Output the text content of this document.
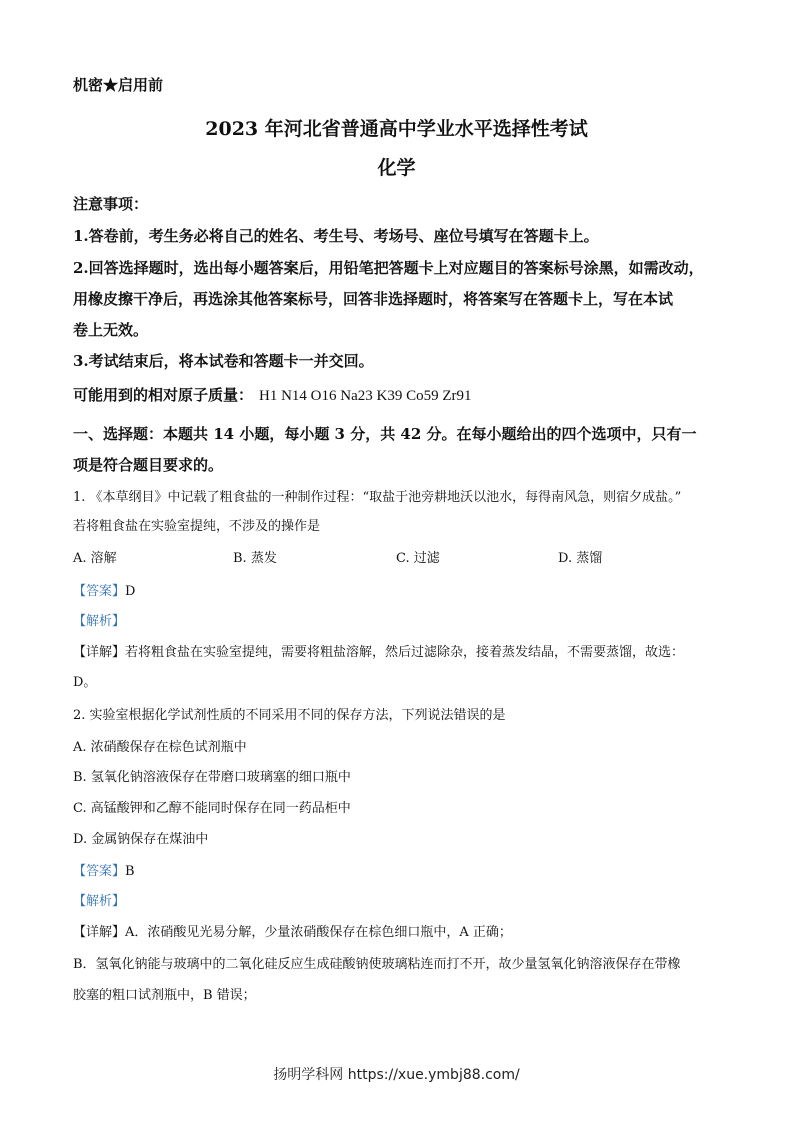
机密★启用前
2023 年河北省普通高中学业水平选择性考试
化学
注意事项：
1.答卷前，考生务必将自己的姓名、考生号、考场号、座位号填写在答题卡上。
2.回答选择题时，选出每小题答案后，用铅笔把答题卡上对应题目的答案标号涂黑，如需改动，
用橡皮擦干净后，再选涂其他答案标号，回答非选择题时，将答案写在答题卡上，写在本试
卷上无效。
3.考试结束后，将本试卷和答题卡一并交回。
可能用到的相对原子质量： H1 N14 O16 Na23 K39 Co59 Zr91
一、选择题：本题共 14 小题，每小题 3 分，共 42 分。在每小题给出的四个选项中，只有一
项是符合题目要求的。
1. 《本草纲目》中记载了粗食盐的一种制作过程：“取盐于池旁耕地沃以池水，每得南风急，则宿夕成盐。”
若将粗食盐在实验室提纯，不涉及的操作是
A. 溶解	B. 蒸发	C. 过滤	D. 蒸馏
【答案】D
【解析】
【详解】若将粗食盐在实验室提纯，需要将粗盐溶解，然后过滤除杂，接着蒸发结晶，不需要蒸馏，故选：
D。
2. 实验室根据化学试剂性质的不同采用不同的保存方法，下列说法错误的是
A. 浓硝酸保存在棕色试剂瓶中
B. 氢氧化钠溶液保存在带磨口玻璃塞的细口瓶中
C. 高锰酸钾和乙醇不能同时保存在同一药品柜中
D. 金属钠保存在煤油中
【答案】B
【解析】
【详解】A．浓硝酸见光易分解，少量浓硝酸保存在棕色细口瓶中，A 正确；
B．氢氧化钠能与玻璃中的二氧化硅反应生成硅酸钠使玻璃粘连而打不开，故少量氢氧化钠溶液保存在带橡
胶塞的粗口试剂瓶中，B 错误；
扬明学科网 https://xue.ymbj88.com/
